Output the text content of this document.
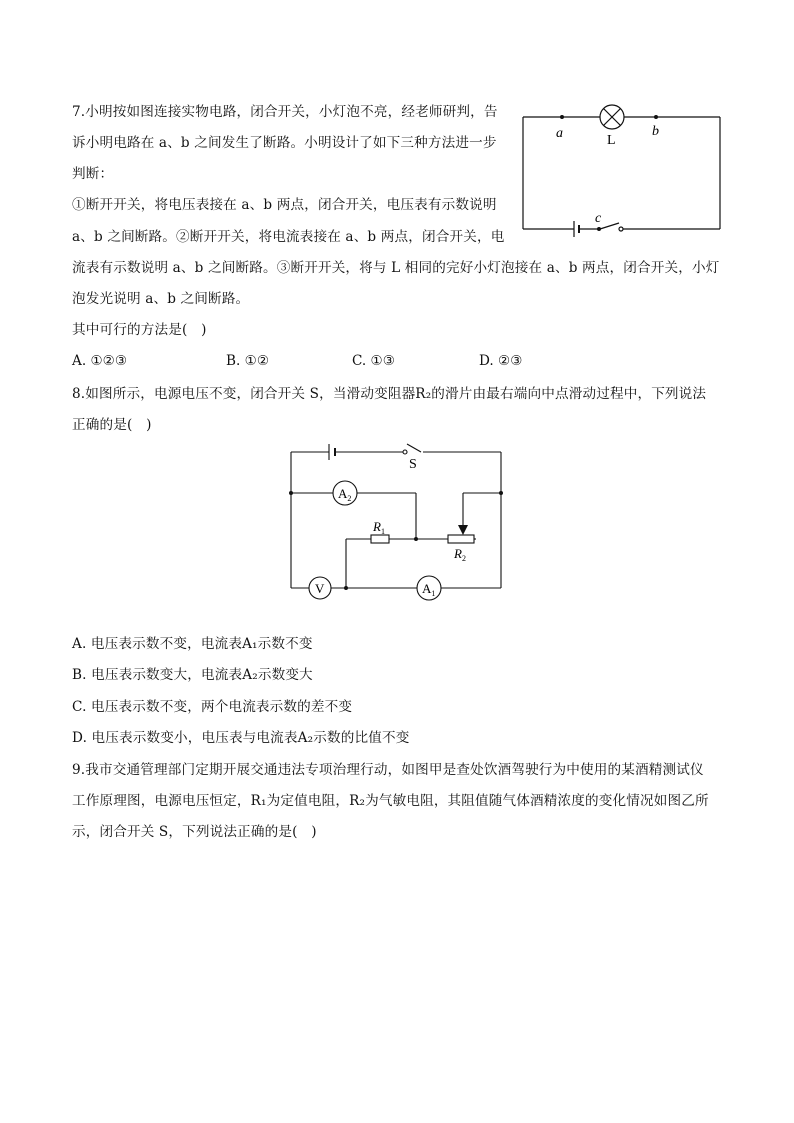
7.小明按如图连接实物电路，闭合开关，小灯泡不亮，经老师研判，告
诉小明电路在 a、b 之间发生了断路。小明设计了如下三种方法进一步
判断：
①断开开关，将电压表接在 a、b 两点，闭合开关，电压表有示数说明
a、b 之间断路。②断开开关，将电流表接在 a、b 两点，闭合开关，电
流表有示数说明 a、b 之间断路。③断开开关，将与 L 相同的完好小灯泡接在 a、b 两点，闭合开关，小灯
泡发光说明 a、b 之间断路。
其中可行的方法是(　)
A. ①②③	B. ①②	C. ①③	D. ②③
a	b
L
c
8.如图所示，电源电压不变，闭合开关 S，当滑动变阻器R₂的滑片由最右端向中点滑动过程中，下列说法
正确的是(　)
S
$A_2$
$R_1$
$R_2$
V	$A_1$
A. 电压表示数不变，电流表A₁示数不变
B. 电压表示数变大，电流表A₂示数变大
C. 电压表示数不变，两个电流表示数的差不变
D. 电压表示数变小，电压表与电流表A₂示数的比值不变
9.我市交通管理部门定期开展交通违法专项治理行动，如图甲是查处饮酒驾驶行为中使用的某酒精测试仪
工作原理图，电源电压恒定，R₁为定值电阻，R₂为气敏电阻，其阻值随气体酒精浓度的变化情况如图乙所
示，闭合开关 S，下列说法正确的是(　)
